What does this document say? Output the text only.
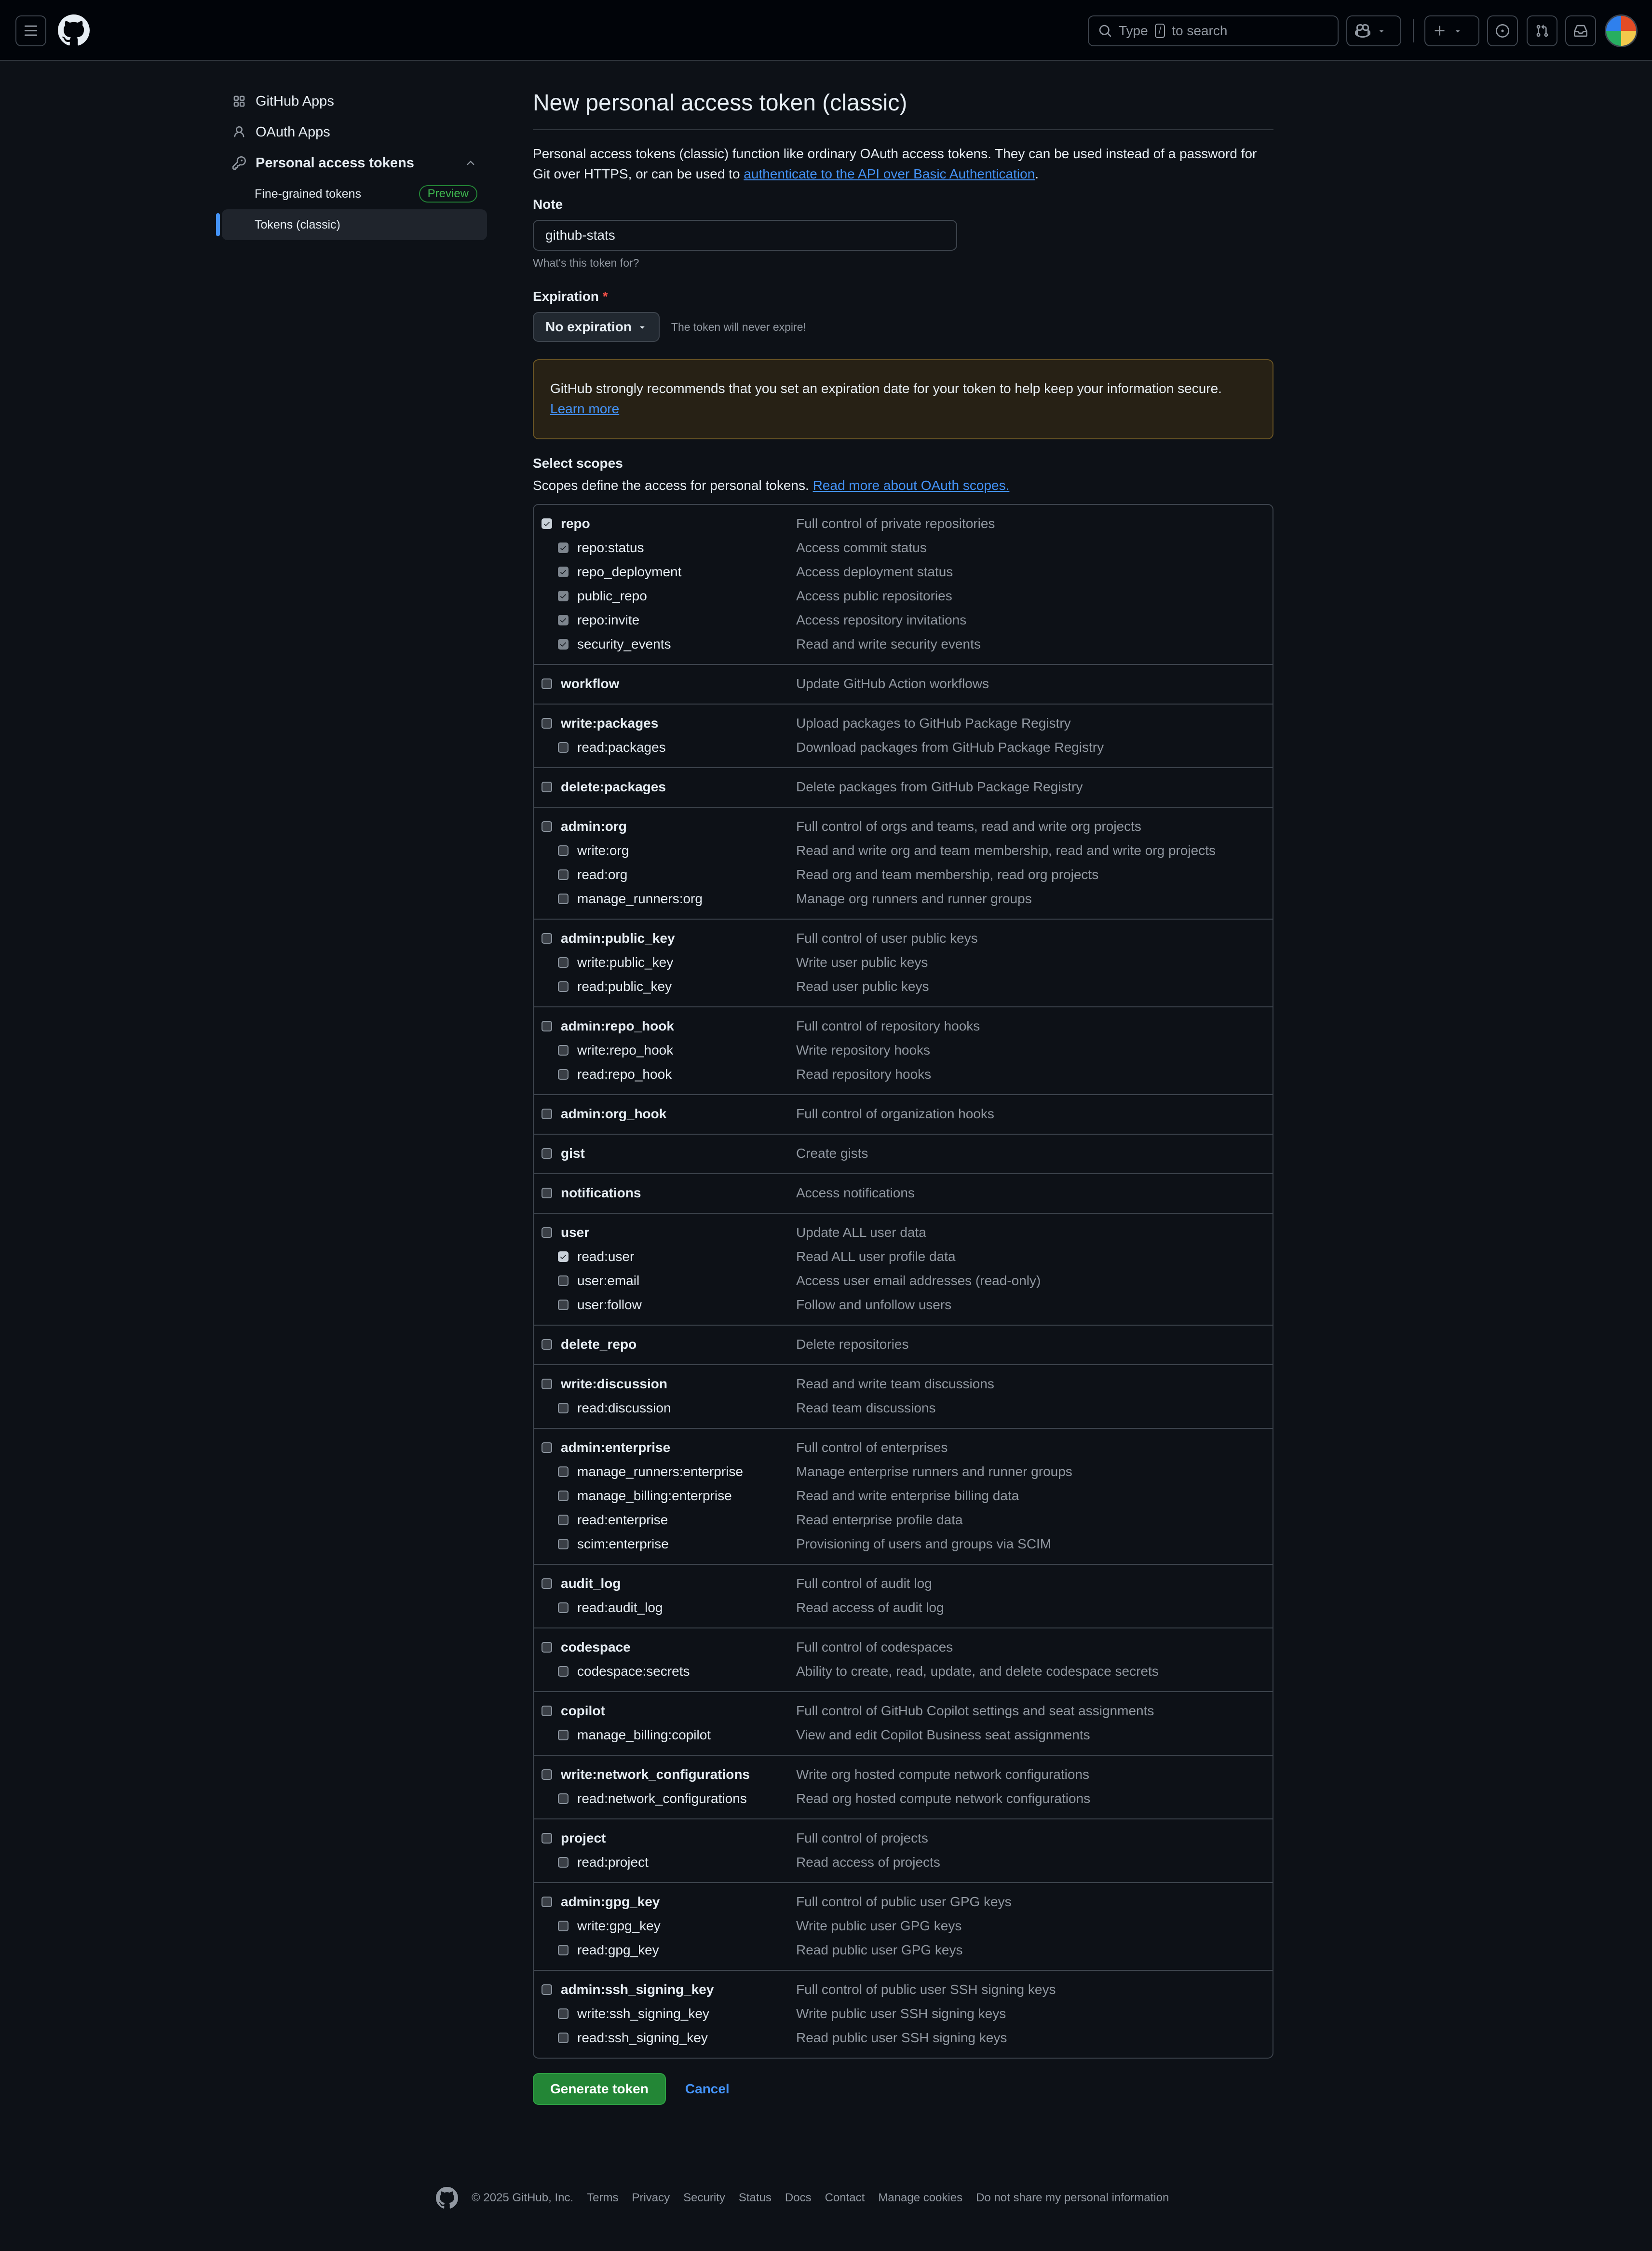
Type	/ to search
GitHub Apps
OAuth Apps
Personal access tokens
Fine-grained tokens	Preview
Tokens (classic)
New personal access token (classic)

Personal access tokens (classic) function like ordinary OAuth access tokens. They can be used instead of a password for Git over HTTPS, or can be used to authenticate to the API over Basic Authentication.

Note
github-stats
What's this token for?
Expiration *
No expiration	The token will never expire!
GitHub strongly recommends that you set an expiration date for your token to help keep your information secure.
Learn more
Select scopes

Scopes define the access for personal tokens. Read more about OAuth scopes.

repo	Full control of private repositories
repo:status	Access commit status
repo_deployment	Access deployment status
public_repo	Access public repositories
repo:invite	Access repository invitations
security_events	Read and write security events
workflow	Update GitHub Action workflows
write:packages	Upload packages to GitHub Package Registry
read:packages	Download packages from GitHub Package Registry
delete:packages	Delete packages from GitHub Package Registry
admin:org	Full control of orgs and teams, read and write org projects
write:org	Read and write org and team membership, read and write org projects
read:org	Read org and team membership, read org projects
manage_runners:org	Manage org runners and runner groups
admin:public_key	Full control of user public keys
write:public_key	Write user public keys
read:public_key	Read user public keys
admin:repo_hook	Full control of repository hooks
write:repo_hook	Write repository hooks
read:repo_hook	Read repository hooks
admin:org_hook	Full control of organization hooks
gist	Create gists
notifications	Access notifications
user	Update ALL user data
read:user	Read ALL user profile data
user:email	Access user email addresses (read-only)
user:follow	Follow and unfollow users
delete_repo	Delete repositories
write:discussion	Read and write team discussions
read:discussion	Read team discussions
admin:enterprise	Full control of enterprises
manage_runners:enterprise	Manage enterprise runners and runner groups
manage_billing:enterprise	Read and write enterprise billing data
read:enterprise	Read enterprise profile data
scim:enterprise	Provisioning of users and groups via SCIM
audit_log	Full control of audit log
read:audit_log	Read access of audit log
codespace	Full control of codespaces
codespace:secrets	Ability to create, read, update, and delete codespace secrets
copilot	Full control of GitHub Copilot settings and seat assignments
manage_billing:copilot	View and edit Copilot Business seat assignments
write:network_configurations	Write org hosted compute network configurations
read:network_configurations	Read org hosted compute network configurations
project	Full control of projects
read:project	Read access of projects
admin:gpg_key	Full control of public user GPG keys
write:gpg_key	Write public user GPG keys
read:gpg_key	Read public user GPG keys
admin:ssh_signing_key	Full control of public user SSH signing keys
write:ssh_signing_key	Write public user SSH signing keys
read:ssh_signing_key	Read public user SSH signing keys
Generate token	Cancel
© 2025 GitHub, Inc. Terms Privacy Security Status Docs Contact Manage cookies Do not share my personal information
